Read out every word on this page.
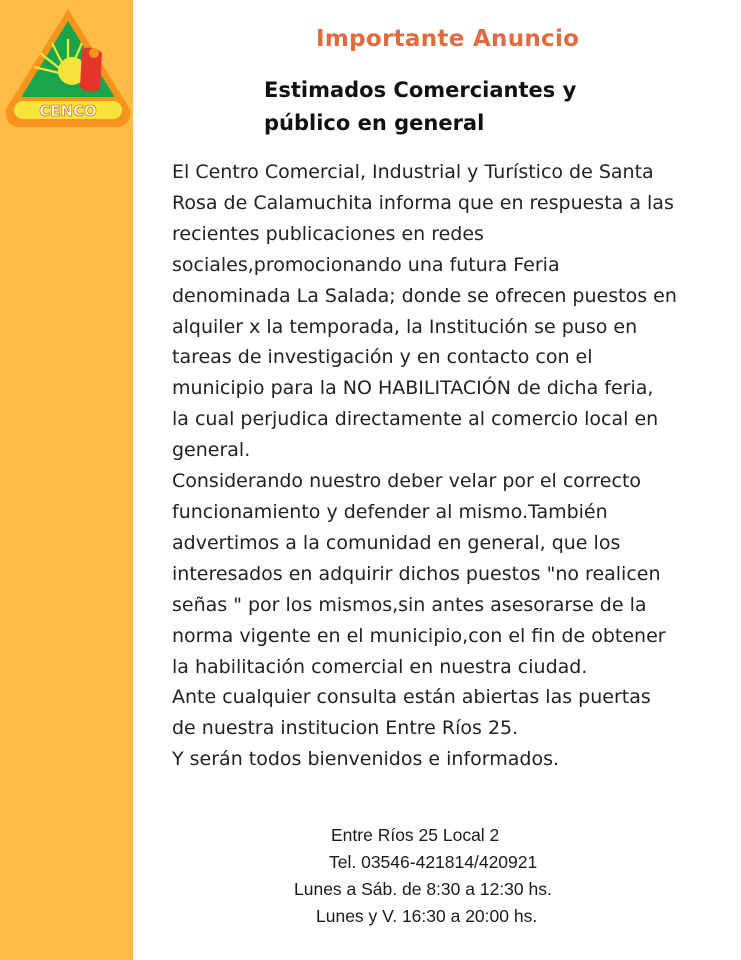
CENCO
Importante Anuncio
Estimados Comerciantes y
público en general
El Centro Comercial, Industrial y Turístico de Santa
Rosa de Calamuchita informa que en respuesta a las
recientes publicaciones en redes
sociales,promocionando una futura Feria
denominada La Salada; donde se ofrecen puestos en
alquiler x la temporada, la Institución se puso en
tareas de investigación y en contacto con el
municipio para la NO HABILITACIÓN de dicha feria,
la cual perjudica directamente al comercio local en
general.
Considerando nuestro deber velar por el correcto
funcionamiento y defender al mismo.También
advertimos a la comunidad en general, que los
interesados en adquirir dichos puestos "no realicen
señas " por los mismos,sin antes asesorarse de la
norma vigente en el municipio,con el fin de obtener
la habilitación comercial en nuestra ciudad.
Ante cualquier consulta están abiertas las puertas
de nuestra institucion Entre Ríos 25.
Y serán todos bienvenidos e informados.
Entre Ríos 25 Local 2
Tel. 03546-421814/420921
Lunes a Sáb. de 8:30 a 12:30 hs.
Lunes y V. 16:30 a 20:00 hs.
